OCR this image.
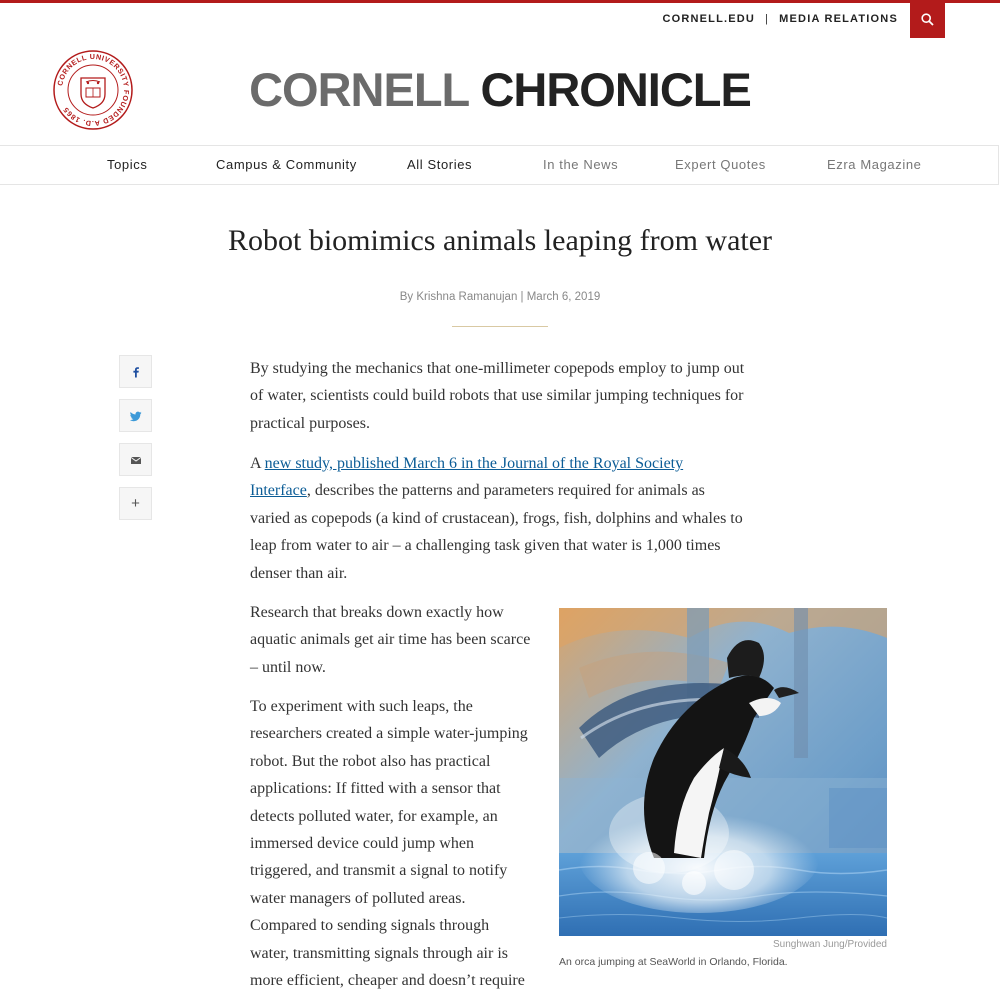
CORNELL.EDU | MEDIA RELATIONS
CORNELL UNIVERSITY FOUNDED A.D. 1865	CORNELL CHRONICLE
Topics	Campus & Community	All Stories	In the News	Expert Quotes	Ezra Magazine
Robot biomimics animals leaping from water
By Krishna Ramanujan | March 6, 2019
+
By studying the mechanics that one-millimeter copepods employ to jump out
of water, scientists could build robots that use similar jumping techniques for
practical purposes.
A new study, published March 6 in the Journal of the Royal Society
Interface, describes the patterns and parameters required for animals as
varied as copepods (a kind of crustacean), frogs, fish, dolphins and whales to
leap from water to air – a challenging task given that water is 1,000 times
denser than air.
Research that breaks down exactly how
aquatic animals get air time has been scarce
– until now.
To experiment with such leaps, the
researchers created a simple water-jumping
robot. But the robot also has practical
applications: If fitted with a sensor that
detects polluted water, for example, an
immersed device could jump when
triggered, and transmit a signal to notify
water managers of polluted areas.
Compared to sending signals through
water, transmitting signals through air is
more efficient, cheaper and doesn’t require
Sunghwan Jung/Provided
An orca jumping at SeaWorld in Orlando, Florida.
